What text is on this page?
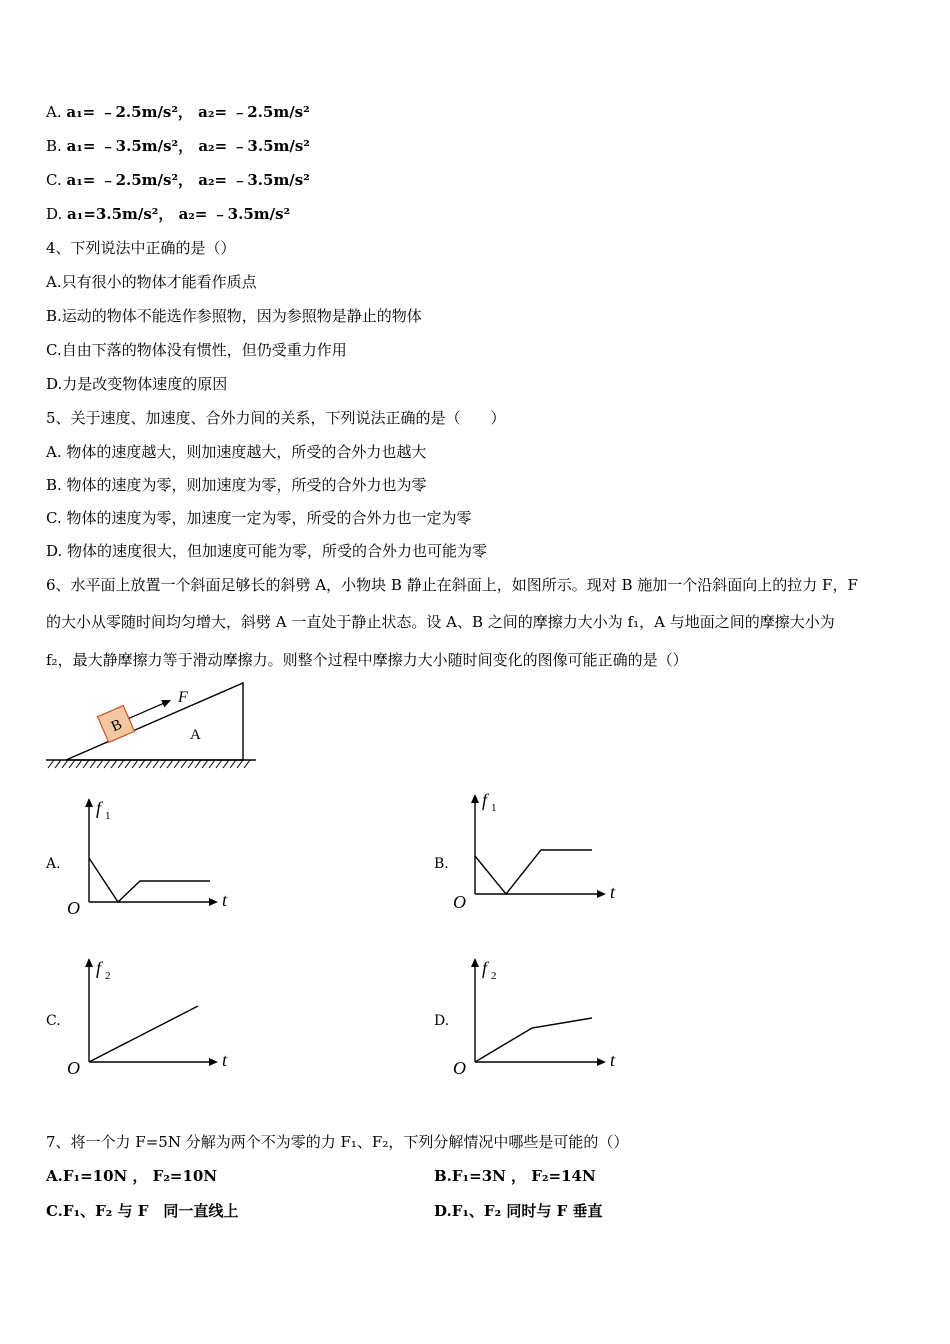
A. a₁= ﹣2.5m/s²， a₂= ﹣2.5m/s²
B. a₁= ﹣3.5m/s²， a₂= ﹣3.5m/s²
C. a₁= ﹣2.5m/s²， a₂= ﹣3.5m/s²
D. a₁=3.5m/s²， a₂= ﹣3.5m/s²
4、下列说法中正确的是（）
A.只有很小的物体才能看作质点
B.运动的物体不能选作参照物，因为参照物是静止的物体
C.自由下落的物体没有惯性，但仍受重力作用
D.力是改变物体速度的原因
5、关于速度、加速度、合外力间的关系，下列说法正确的是（　　）
A. 物体的速度越大，则加速度越大，所受的合外力也越大
B. 物体的速度为零，则加速度为零，所受的合外力也为零
C. 物体的速度为零，加速度一定为零，所受的合外力也一定为零
D. 物体的速度很大，但加速度可能为零，所受的合外力也可能为零
6、水平面上放置一个斜面足够长的斜劈 A，小物块 B 静止在斜面上，如图所示。现对 B 施加一个沿斜面向上的拉力 F，F
的大小从零随时间均匀增大，斜劈 A 一直处于静止状态。设 A、B 之间的摩擦力大小为 f₁，A 与地面之间的摩擦大小为
f₂，最大静摩擦力等于滑动摩擦力。则整个过程中摩擦力大小随时间变化的图像可能正确的是（）
B
F
A
A.
f 1
t
O
B.
f 1
t
O
C.
f 2
t
O
D.
f 2
t
O
7、将一个力 F=5N 分解为两个不为零的力 F₁、F₂，下列分解情况中哪些是可能的（）
A.F₁=10N ， F₂=10N	B.F₁=3N ， F₂=14N
C.F₁、F₂ 与 F　同一直线上	D.F₁、F₂ 同时与 F 垂直
